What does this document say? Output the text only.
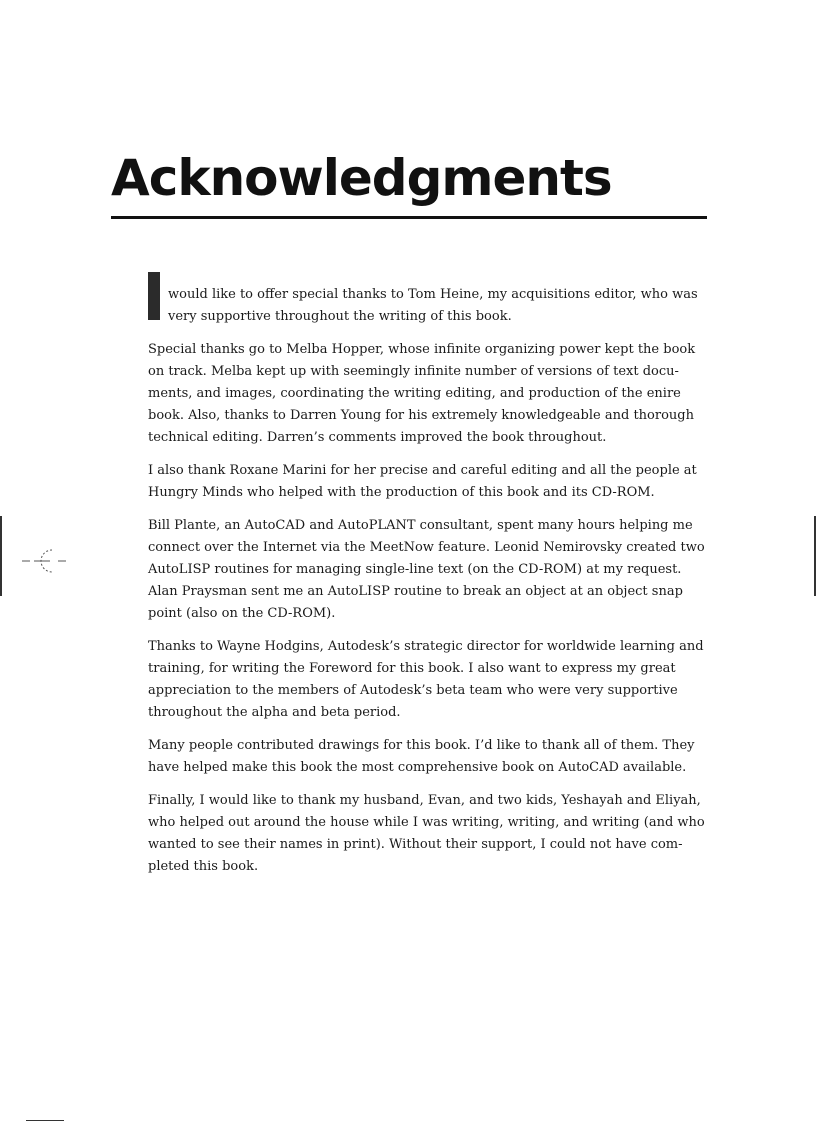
Acknowledgments

would like to offer special thanks to Tom Heine, my acquisitions editor, who was
very supportive throughout the writing of this book.

Special thanks go to Melba Hopper, whose infinite organizing power kept the book
on track. Melba kept up with seemingly infinite number of versions of text docu-
ments, and images, coordinating the writing editing, and production of the enire
book. Also, thanks to Darren Young for his extremely knowledgeable and thorough
technical editing. Darren’s comments improved the book throughout.

I also thank Roxane Marini for her precise and careful editing and all the people at
Hungry Minds who helped with the production of this book and its CD-ROM.

Bill Plante, an AutoCAD and AutoPLANT consultant, spent many hours helping me
connect over the Internet via the MeetNow feature. Leonid Nemirovsky created two
AutoLISP routines for managing single-line text (on the CD-ROM) at my request.
Alan Praysman sent me an AutoLISP routine to break an object at an object snap
point (also on the CD-ROM).

Thanks to Wayne Hodgins, Autodesk’s strategic director for worldwide learning and
training, for writing the Foreword for this book. I also want to express my great
appreciation to the members of Autodesk’s beta team who were very supportive
throughout the alpha and beta period.

Many people contributed drawings for this book. I’d like to thank all of them. They
have helped make this book the most comprehensive book on AutoCAD available.

Finally, I would like to thank my husband, Evan, and two kids, Yeshayah and Eliyah,
who helped out around the house while I was writing, writing, and writing (and who
wanted to see their names in print). Without their support, I could not have com-
pleted this book.
